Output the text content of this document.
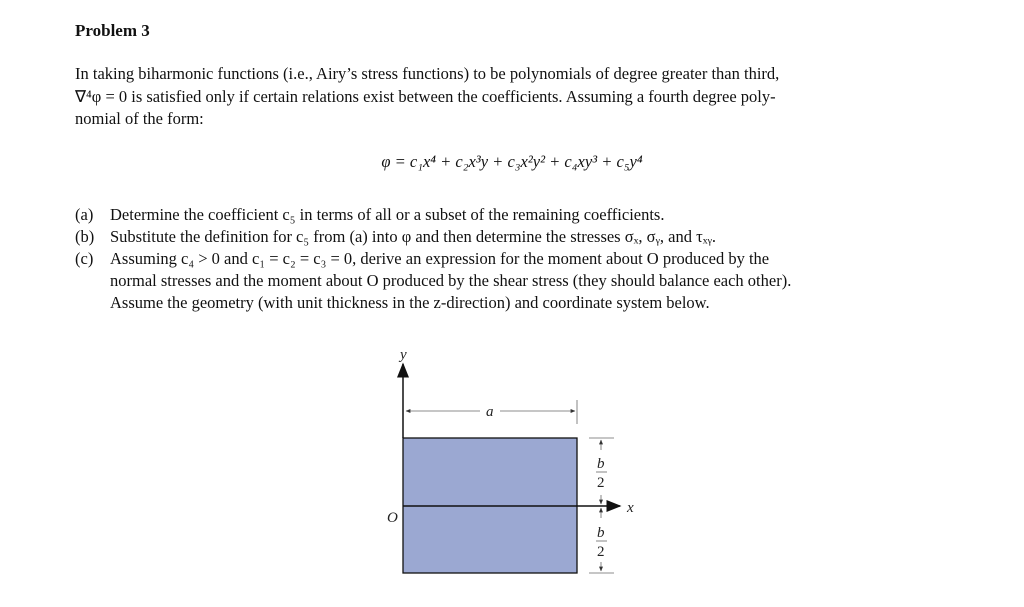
Problem 3
In taking biharmonic functions (i.e., Airy’s stress functions) to be polynomials of degree greater than third,
∇⁴φ = 0 is satisfied only if certain relations exist between the coefficients. Assuming a fourth degree poly-
nomial of the form:
φ = c₁x⁴ + c₂x³y + c₃x²y² + c₄xy³ + c₅y⁴
(a) Determine the coefficient c₅ in terms of all or a subset of the remaining coefficients.
(b) Substitute the definition for c₅ from (a) into φ and then determine the stresses σₓ, σᵧ, and τₓᵧ.
(c) Assuming c₄ > 0 and c₁ = c₂ = c₃ = 0, derive an expression for the moment about O produced by the
normal stresses and the moment about O produced by the shear stress (they should balance each other).
Assume the geometry (with unit thickness in the z-direction) and coordinate system below.
y
x
O
a
b
2
b
2
